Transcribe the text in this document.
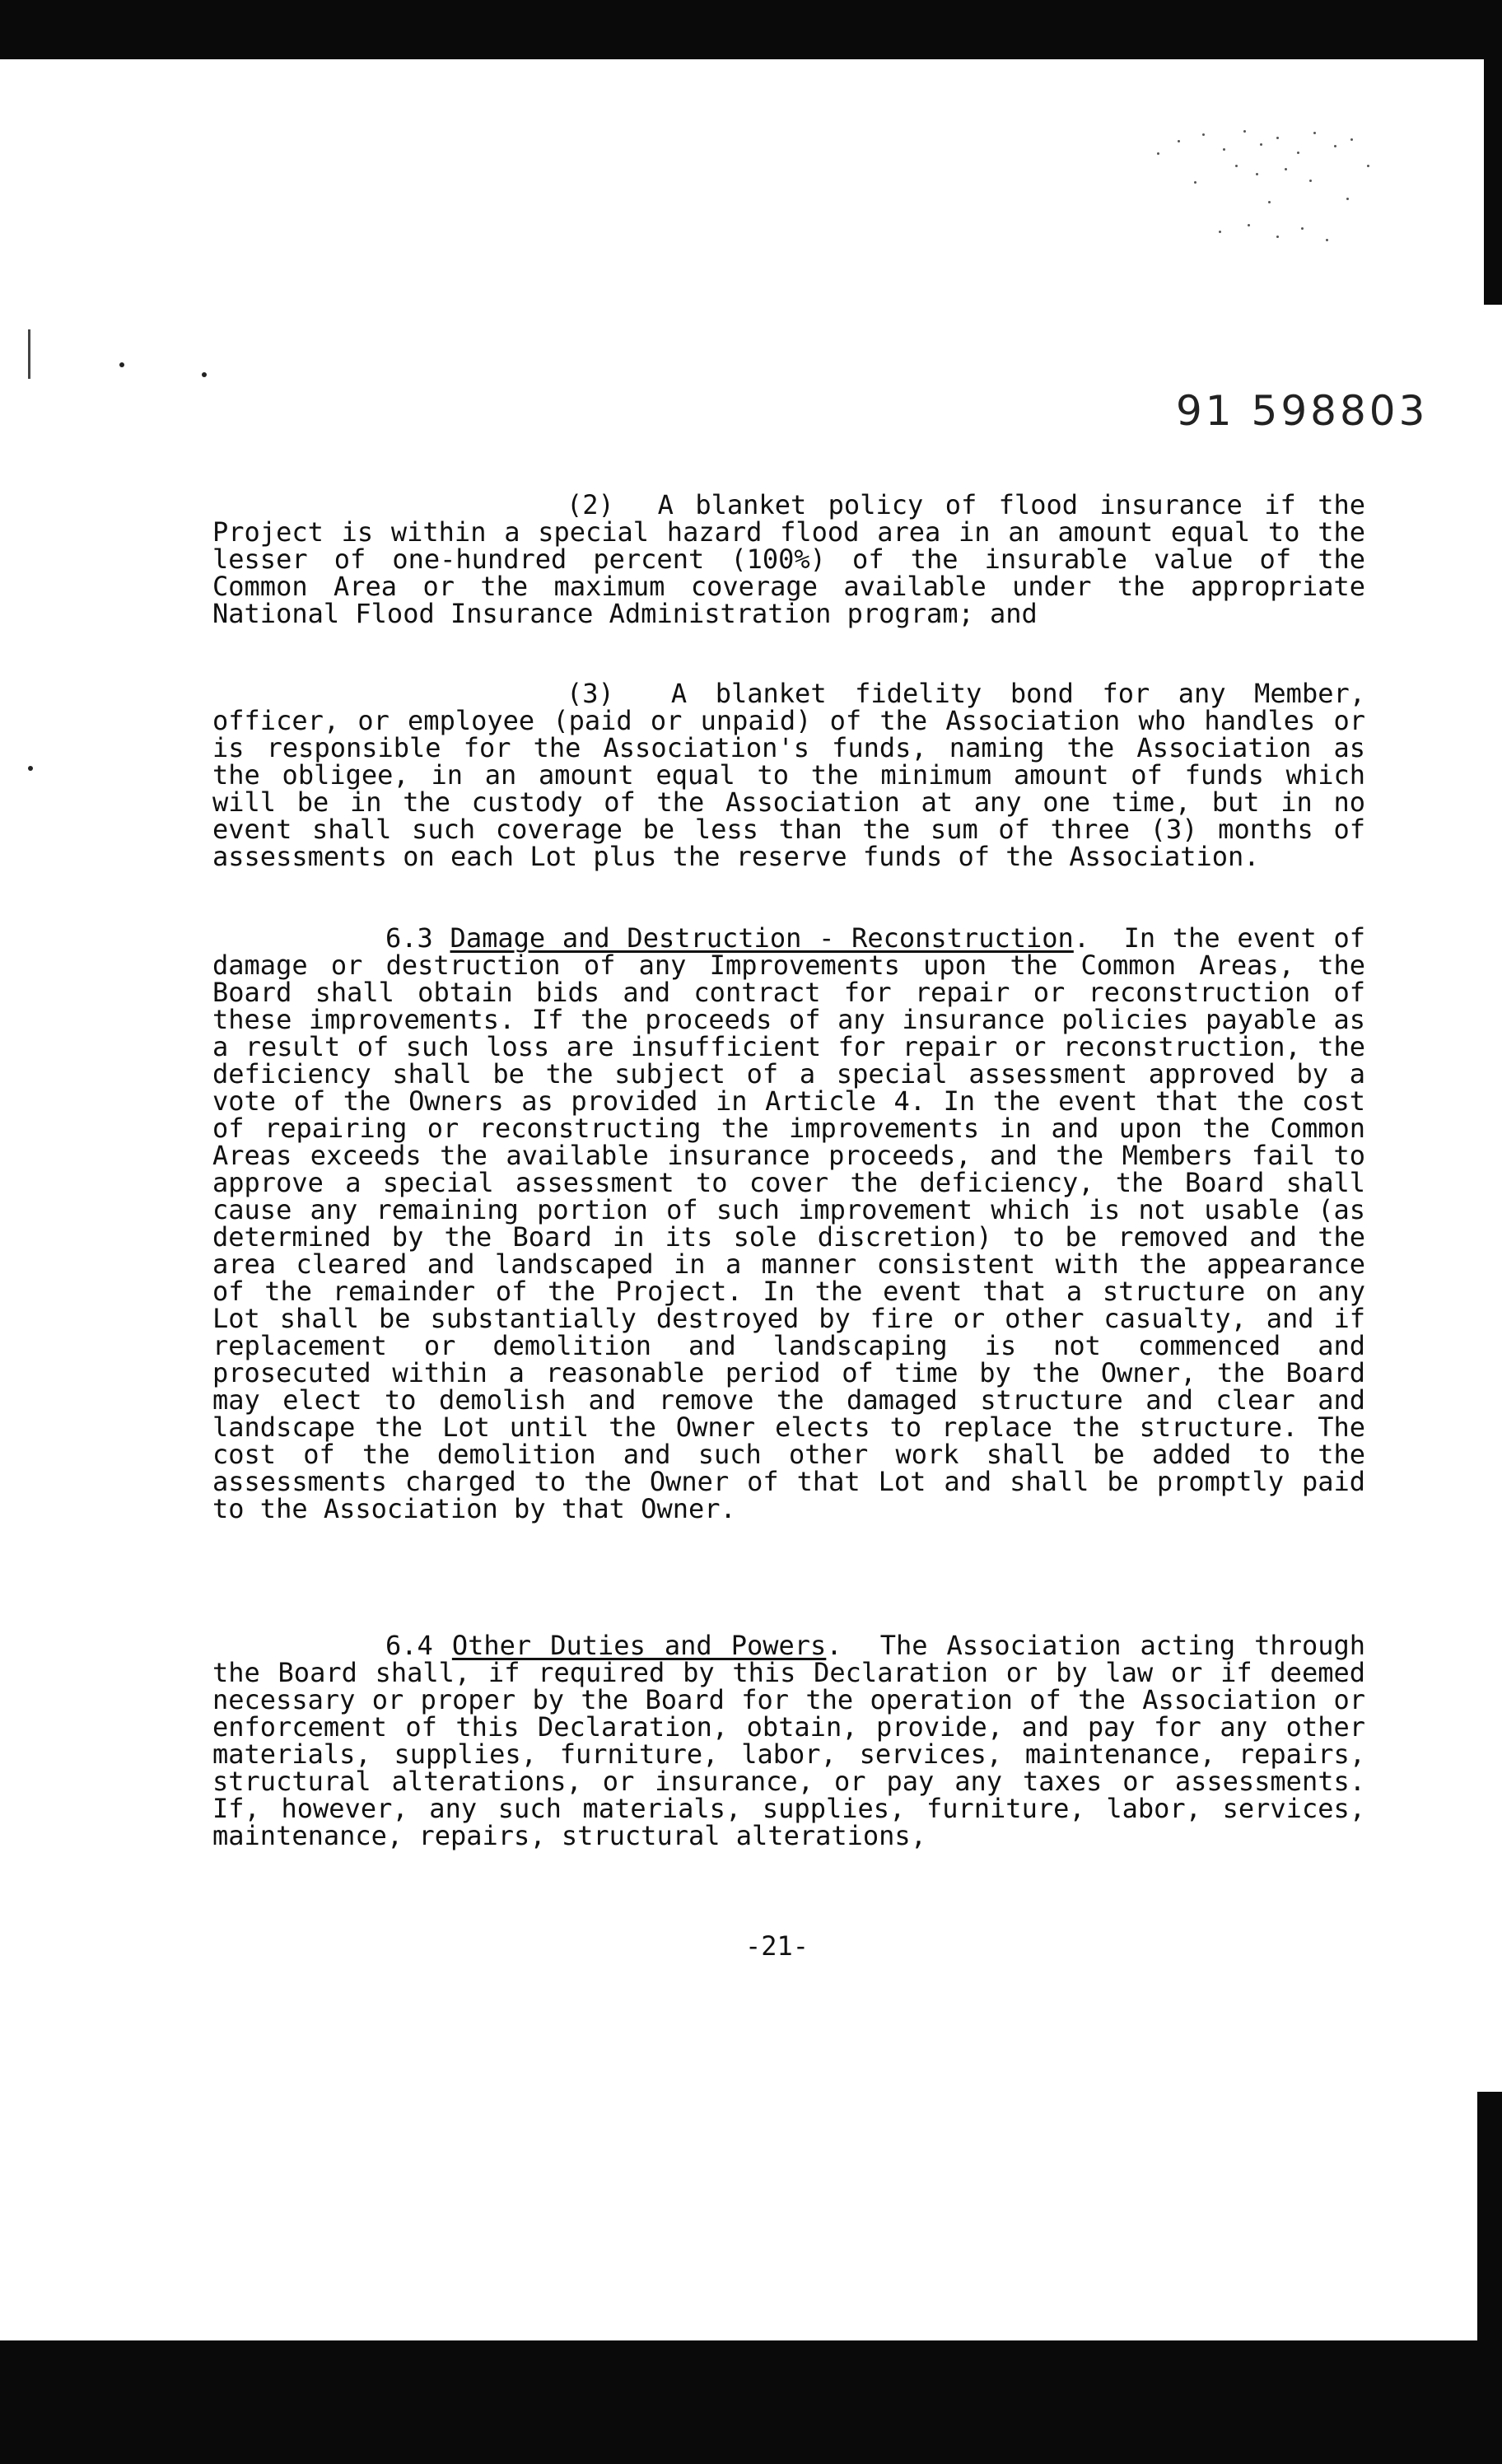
91 598803
(2) A blanket policy of flood insurance if the Project is within a special hazard flood area in an amount equal to the lesser of one-hundred percent (100%) of the insurable value of the Common Area or the maximum coverage available under the appropriate National Flood Insurance Administration program; and
(3) A blanket fidelity bond for any Member, officer, or employee (paid or unpaid) of the Association who handles or is responsible for the Association's funds, naming the Association as the obligee, in an amount equal to the minimum amount of funds which will be in the custody of the Association at any one time, but in no event shall such coverage be less than the sum of three (3) months of assessments on each Lot plus the reserve funds of the Association.
6.3 Damage and Destruction - Reconstruction.  In the event of damage or destruction of any Improvements upon the Common Areas, the Board shall obtain bids and contract for repair or reconstruction of these improvements. If the proceeds of any insurance policies payable as a result of such loss are insufficient for repair or reconstruction, the deficiency shall be the subject of a special assessment approved by a vote of the Owners as provided in Article 4. In the event that the cost of repairing or reconstructing the improvements in and upon the Common Areas exceeds the available insurance proceeds, and the Members fail to approve a special assessment to cover the deficiency, the Board shall cause any remaining portion of such improvement which is not usable (as determined by the Board in its sole discretion) to be removed and the area cleared and landscaped in a manner consistent with the appearance of the remainder of the Project. In the event that a structure on any Lot shall be substantially destroyed by fire or other casualty, and if replacement or demolition and landscaping is not commenced and prosecuted within a reasonable period of time by the Owner, the Board may elect to demolish and remove the damaged structure and clear and landscape the Lot until the Owner elects to replace the structure. The cost of the demolition and such other work shall be added to the assessments charged to the Owner of that Lot and shall be promptly paid to the Association by that Owner.
6.4 Other Duties and Powers.  The Association acting through the Board shall, if required by this Declaration or by law or if deemed necessary or proper by the Board for the operation of the Association or enforcement of this Declaration, obtain, provide, and pay for any other materials, supplies, furniture, labor, services, maintenance, repairs, structural alterations, or insurance, or pay any taxes or assessments. If, however, any such materials, supplies, furniture, labor, services, maintenance, repairs, structural alterations,
-21-
